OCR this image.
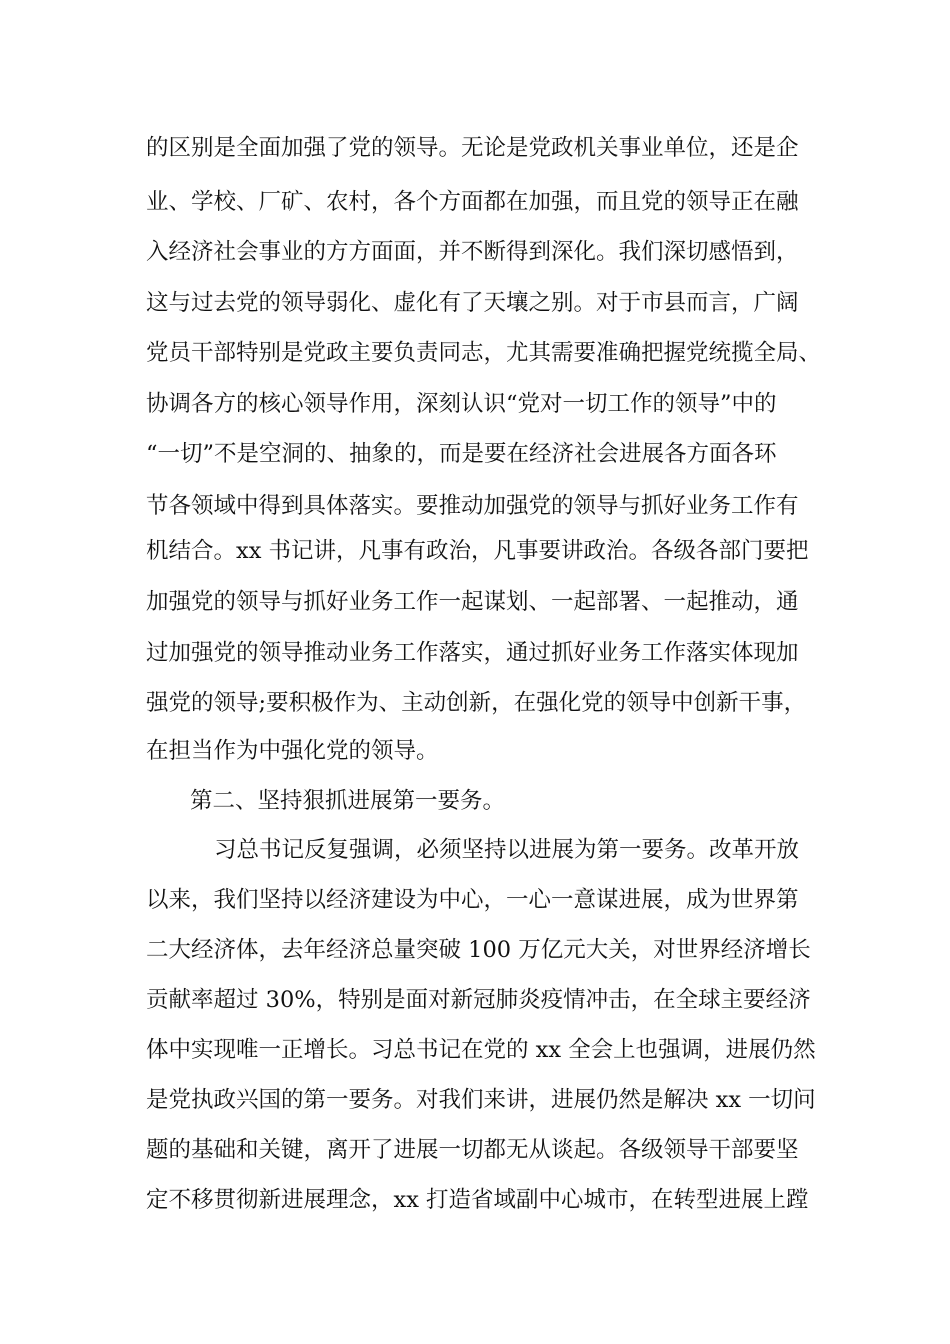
的区别是全面加强了党的领导。无论是党政机关事业单位，还是企
业、学校、厂矿、农村，各个方面都在加强，而且党的领导正在融
入经济社会事业的方方面面，并不断得到深化。我们深切感悟到，
这与过去党的领导弱化、虚化有了天壤之别。对于市县而言，广阔
党员干部特别是党政主要负责同志，尤其需要准确把握党统揽全局、
协调各方的核心领导作用，深刻认识“党对一切工作的领导”中的
“一切”不是空洞的、抽象的，而是要在经济社会进展各方面各环
节各领域中得到具体落实。要推动加强党的领导与抓好业务工作有
机结合。xx 书记讲，凡事有政治，凡事要讲政治。各级各部门要把
加强党的领导与抓好业务工作一起谋划、一起部署、一起推动，通
过加强党的领导推动业务工作落实，通过抓好业务工作落实体现加
强党的领导;要积极作为、主动创新，在强化党的领导中创新干事，
在担当作为中强化党的领导。
第二、坚持狠抓进展第一要务。
习总书记反复强调，必须坚持以进展为第一要务。改革开放
以来，我们坚持以经济建设为中心，一心一意谋进展，成为世界第
二大经济体，去年经济总量突破 100 万亿元大关，对世界经济增长
贡献率超过 30%，特别是面对新冠肺炎疫情冲击，在全球主要经济
体中实现唯一正增长。习总书记在党的 xx 全会上也强调，进展仍然
是党执政兴国的第一要务。对我们来讲，进展仍然是解决 xx 一切问
题的基础和关键，离开了进展一切都无从谈起。各级领导干部要坚
定不移贯彻新进展理念，xx 打造省域副中心城市，在转型进展上蹚
